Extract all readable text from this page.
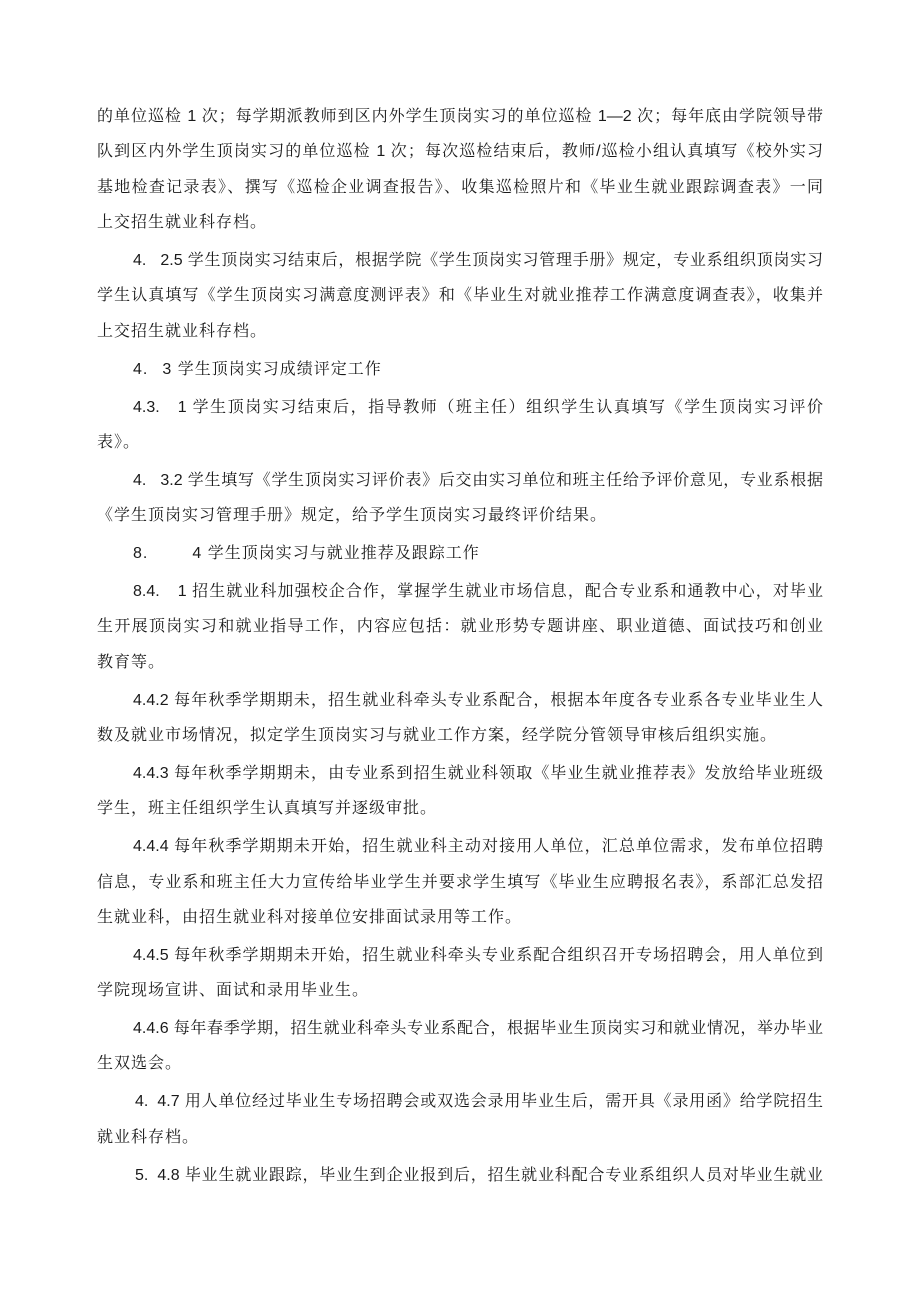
的单位巡检 1 次；每学期派教师到区内外学生顶岗实习的单位巡检 1—2 次；每年底由学院领导带
队到区内外学生顶岗实习的单位巡检 1 次；每次巡检结束后，教师/巡检小组认真填写《校外实习
基地检查记录表》、撰写《巡检企业调查报告》、收集巡检照片和《毕业生就业跟踪调查表》一同
上交招生就业科存档。
4. 2.5 学生顶岗实习结束后，根据学院《学生顶岗实习管理手册》规定，专业系组织顶岗实习
学生认真填写《学生顶岗实习满意度测评表》和《毕业生对就业推荐工作满意度调查表》，收集并
上交招生就业科存档。
4. 3 学生顶岗实习成绩评定工作
4.3. 1 学生顶岗实习结束后，指导教师（班主任）组织学生认真填写《学生顶岗实习评价
表》。
4. 3.2 学生填写《学生顶岗实习评价表》后交由实习单位和班主任给予评价意见，专业系根据
《学生顶岗实习管理手册》规定，给予学生顶岗实习最终评价结果。
8.	4 学生顶岗实习与就业推荐及跟踪工作
8.4. 1 招生就业科加强校企合作，掌握学生就业市场信息，配合专业系和通教中心，对毕业
生开展顶岗实习和就业指导工作，内容应包括：就业形势专题讲座、职业道德、面试技巧和创业
教育等。
4.4.2 每年秋季学期期未，招生就业科牵头专业系配合，根据本年度各专业系各专业毕业生人
数及就业市场情况，拟定学生顶岗实习与就业工作方案，经学院分管领导审核后组织实施。
4.4.3 每年秋季学期期未，由专业系到招生就业科领取《毕业生就业推荐表》发放给毕业班级
学生，班主任组织学生认真填写并逐级审批。
4.4.4 每年秋季学期期未开始，招生就业科主动对接用人单位，汇总单位需求，发布单位招聘
信息，专业系和班主任大力宣传给毕业学生并要求学生填写《毕业生应聘报名表》，系部汇总发招
生就业科，由招生就业科对接单位安排面试录用等工作。
4.4.5 每年秋季学期期未开始，招生就业科牵头专业系配合组织召开专场招聘会，用人单位到
学院现场宣讲、面试和录用毕业生。
4.4.6 每年春季学期，招生就业科牵头专业系配合，根据毕业生顶岗实习和就业情况，举办毕业
生双选会。
4. 4.7 用人单位经过毕业生专场招聘会或双选会录用毕业生后，需开具《录用函》给学院招生
就业科存档。
5. 4.8 毕业生就业跟踪，毕业生到企业报到后，招生就业科配合专业系组织人员对毕业生就业
